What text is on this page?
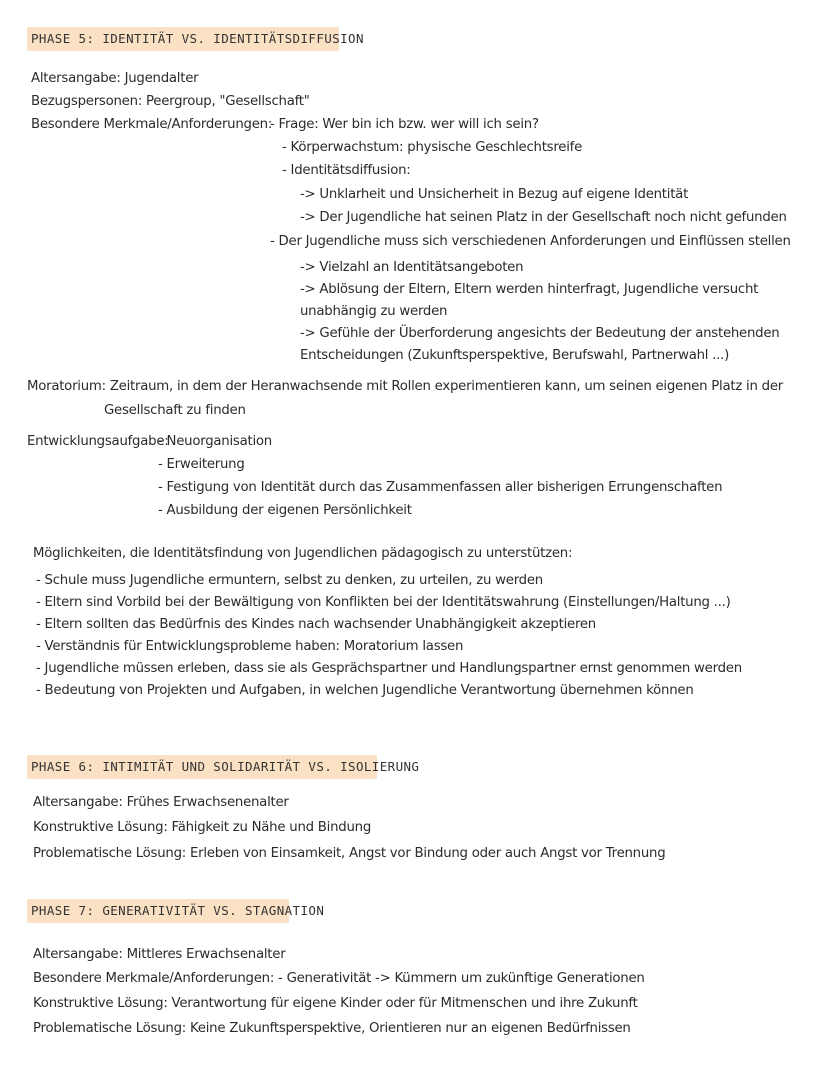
PHASE 5: IDENTITÄT VS. IDENTITÄTSDIFFUSION
Altersangabe: Jugendalter
Bezugspersonen: Peergroup, "Gesellschaft"
Besondere Merkmale/Anforderungen:
- Frage: Wer bin ich bzw. wer will ich sein?
- Körperwachstum: physische Geschlechtsreife
- Identitätsdiffusion:
-> Unklarheit und Unsicherheit in Bezug auf eigene Identität
-> Der Jugendliche hat seinen Platz in der Gesellschaft noch nicht gefunden
- Der Jugendliche muss sich verschiedenen Anforderungen und Einflüssen stellen
-> Vielzahl an Identitätsangeboten
-> Ablösung der Eltern, Eltern werden hinterfragt, Jugendliche versucht
unabhängig zu werden
-> Gefühle der Überforderung angesichts der Bedeutung der anstehenden
Entscheidungen (Zukunftsperspektive, Berufswahl, Partnerwahl ...)
Moratorium: Zeitraum, in dem der Heranwachsende mit Rollen experimentieren kann, um seinen eigenen Platz in der
Gesellschaft zu finden
Entwicklungsaufgabe:
- Neuorganisation
- Erweiterung
- Festigung von Identität durch das Zusammenfassen aller bisherigen Errungenschaften
- Ausbildung der eigenen Persönlichkeit
Möglichkeiten, die Identitätsfindung von Jugendlichen pädagogisch zu unterstützen:
- Schule muss Jugendliche ermuntern, selbst zu denken, zu urteilen, zu werden
- Eltern sind Vorbild bei der Bewältigung von Konflikten bei der Identitätswahrung (Einstellungen/Haltung ...)
- Eltern sollten das Bedürfnis des Kindes nach wachsender Unabhängigkeit akzeptieren
- Verständnis für Entwicklungsprobleme haben: Moratorium lassen
- Jugendliche müssen erleben, dass sie als Gesprächspartner und Handlungspartner ernst genommen werden
- Bedeutung von Projekten und Aufgaben, in welchen Jugendliche Verantwortung übernehmen können
PHASE 6: INTIMITÄT UND SOLIDARITÄT VS. ISOLIERUNG
Altersangabe: Frühes Erwachsenenalter
Konstruktive Lösung: Fähigkeit zu Nähe und Bindung
Problematische Lösung: Erleben von Einsamkeit, Angst vor Bindung oder auch Angst vor Trennung
PHASE 7: GENERATIVITÄT VS. STAGNATION
Altersangabe: Mittleres Erwachsenalter
Besondere Merkmale/Anforderungen: - Generativität -> Kümmern um zukünftige Generationen
Konstruktive Lösung: Verantwortung für eigene Kinder oder für Mitmenschen und ihre Zukunft
Problematische Lösung: Keine Zukunftsperspektive, Orientieren nur an eigenen Bedürfnissen
